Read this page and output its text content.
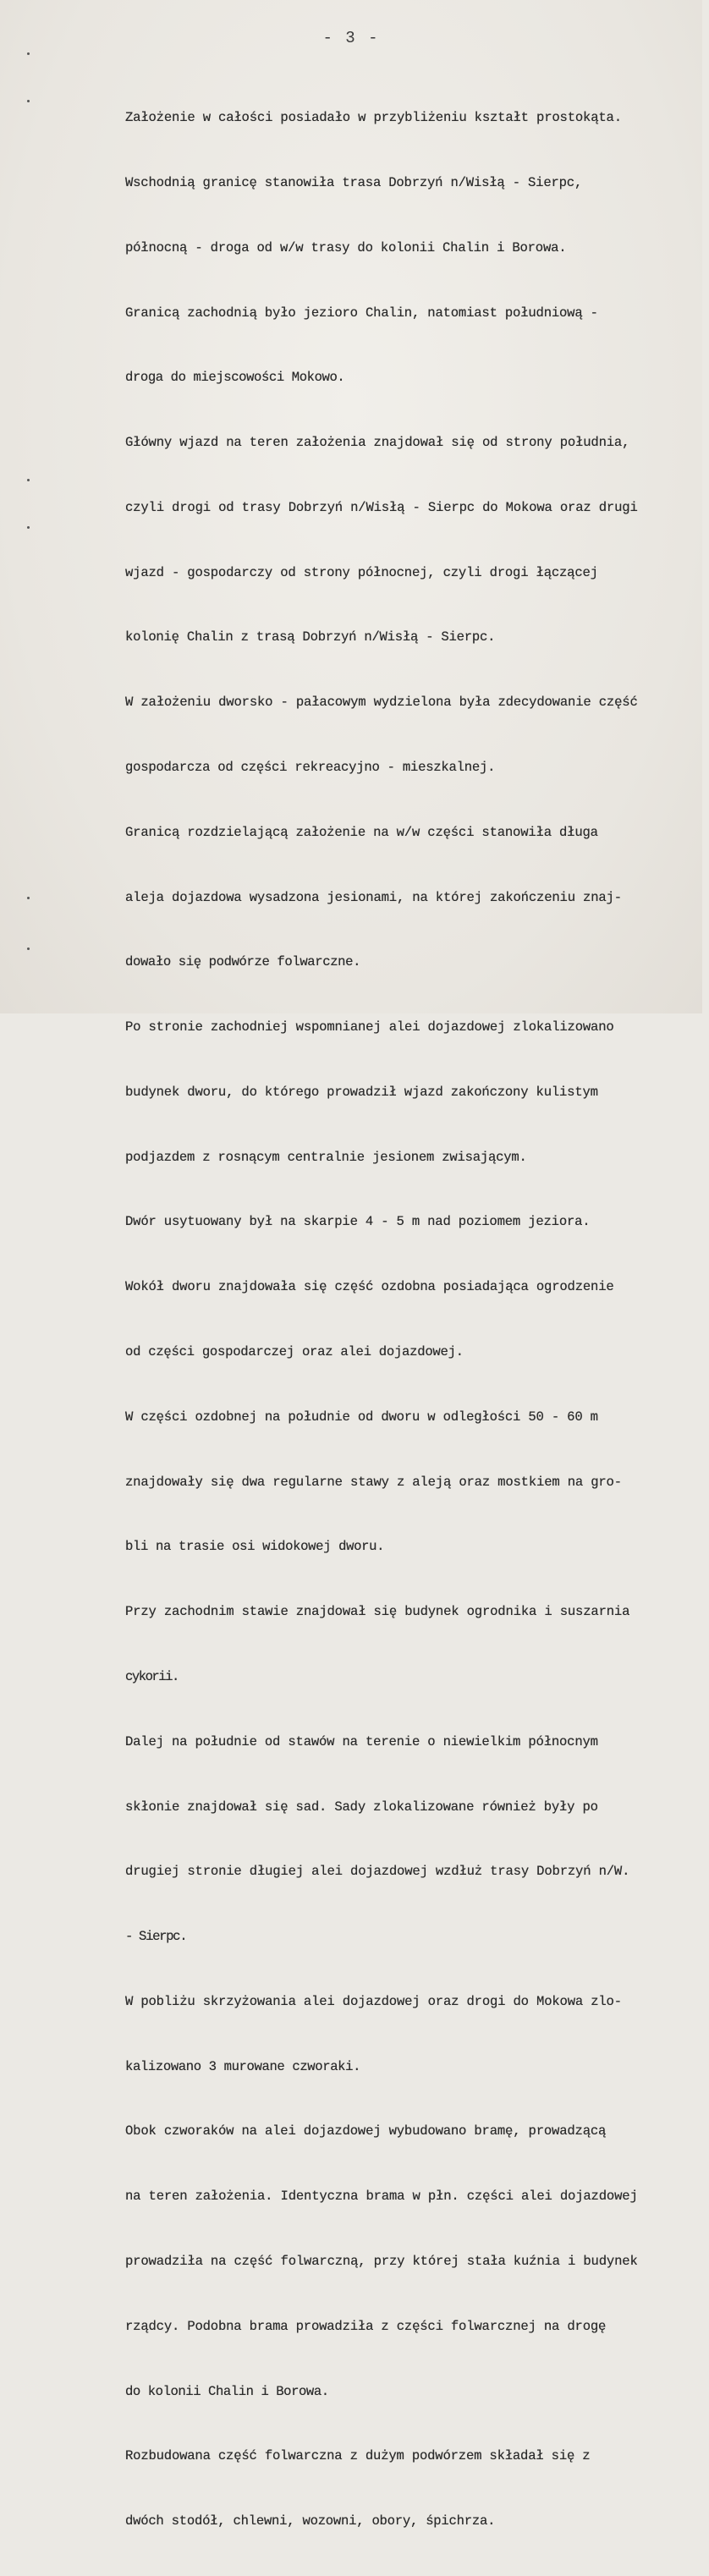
- 3 -

Założenie w całości posiadało w przybliżeniu kształt prostokąta.

Wschodnią granicę stanowiła trasa Dobrzyń n/Wisłą - Sierpc,

północną - droga od w/w trasy do kolonii Chalin i Borowa.

Granicą zachodnią było jezioro Chalin, natomiast południową -

droga do miejscowości Mokowo.

Główny wjazd na teren założenia znajdował się od strony południa,

czyli drogi od trasy Dobrzyń n/Wisłą - Sierpc do Mokowa oraz drugi

wjazd - gospodarczy od strony północnej, czyli drogi łączącej

kolonię Chalin z trasą Dobrzyń n/Wisłą - Sierpc.

W założeniu dworsko - pałacowym wydzielona była zdecydowanie część

gospodarcza od części rekreacyjno - mieszkalnej.

Granicą rozdzielającą założenie na w/w części stanowiła długa

aleja dojazdowa wysadzona jesionami, na której zakończeniu znaj-

dowało się podwórze folwarczne.

Po stronie zachodniej wspomnianej alei dojazdowej zlokalizowano

budynek dworu, do którego prowadził wjazd zakończony kulistym

podjazdem z rosnącym centralnie jesionem zwisającym.

Dwór usytuowany był na skarpie 4 - 5 m nad poziomem jeziora.

Wokół dworu znajdowała się część ozdobna posiadająca ogrodzenie

od części gospodarczej oraz alei dojazdowej.

W części ozdobnej na południe od dworu w odległości 50 - 60 m

znajdowały się dwa regularne stawy z aleją oraz mostkiem na gro-

bli na trasie osi widokowej dworu.

Przy zachodnim stawie znajdował się budynek ogrodnika i suszarnia

cykorii.

Dalej na południe od stawów na terenie o niewielkim północnym

skłonie znajdował się sad. Sady zlokalizowane również były po

drugiej stronie długiej alei dojazdowej wzdłuż trasy Dobrzyń n/W.

- Sierpc.

W pobliżu skrzyżowania alei dojazdowej oraz drogi do Mokowa zlo-

kalizowano 3 murowane czworaki.

Obok czworaków na alei dojazdowej wybudowano bramę, prowadzącą

na teren założenia. Identyczna brama w płn. części alei dojazdowej

prowadziła na część folwarczną, przy której stała kuźnia i budynek

rządcy. Podobna brama prowadziła z części folwarcznej na drogę

do kolonii Chalin i Borowa.

Rozbudowana część folwarczna z dużym podwórzem składał się z

dwóch stodół, chlewni, wozowni, obory, śpichrza.
